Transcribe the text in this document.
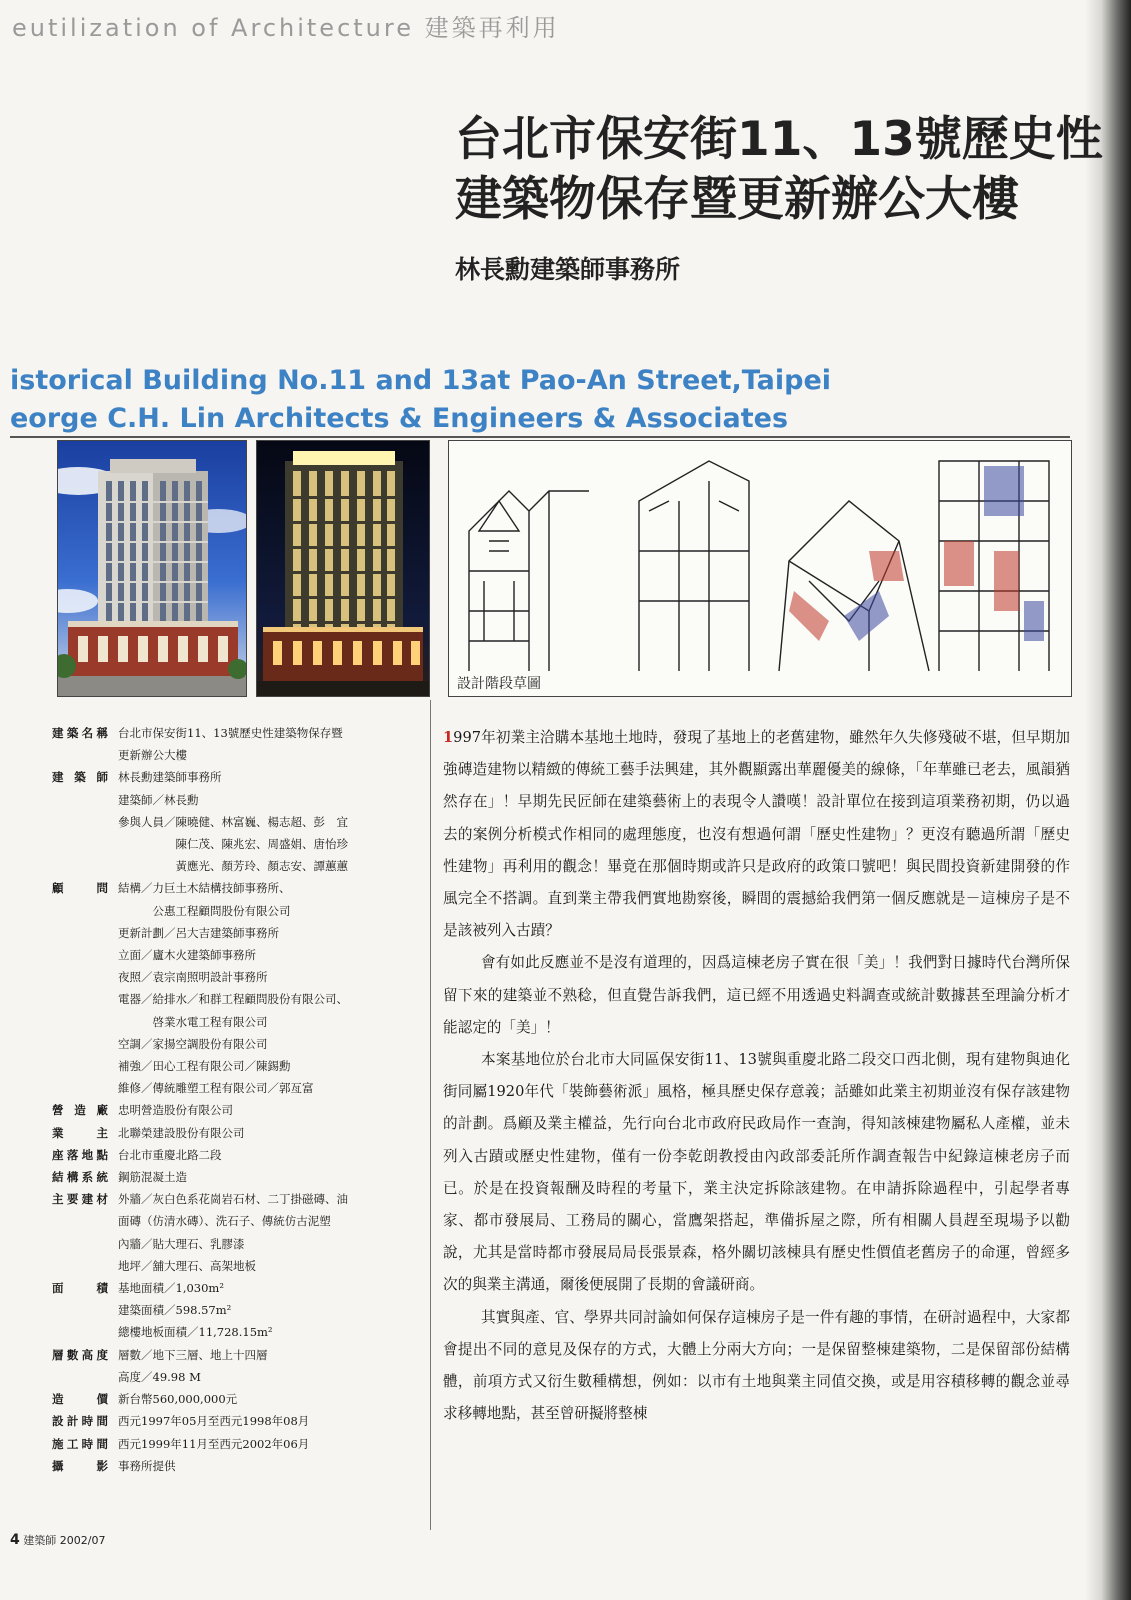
eutilization of Architecture 建築再利用
台北市保安街11、13號歷史性
建築物保存暨更新辦公大樓
林長勳建築師事務所
istorical Building No.11 and 13at Pao-An Street,Taipei
eorge C.H. Lin Architects & Engineers & Associates
設計階段草圖
建築名稱 台北市保安街11、13號歷史性建築物保存暨
更新辦公大樓
建築師 林長勳建築師事務所
建築師／林長勳
參與人員／陳曉健、林富巍、楊志超、彭　宜
　　　　　陳仁茂、陳兆宏、周盛娟、唐怡珍
　　　　　黃應光、顏芳玲、顏志安、譚蕙蕙
顧問 結構／力巨土木結構技師事務所、
　　　公惠工程顧問股份有限公司
更新計劃／呂大吉建築師事務所
立面／廬木火建築師事務所
夜照／袁宗南照明設計事務所
電器／給排水／和群工程顧問股份有限公司、
　　　啓業水電工程有限公司
空調／家揚空調股份有限公司
補強／田心工程有限公司／陳錫勳
維修／傳統雕塑工程有限公司／郭亙富
營造廠 忠明營造股份有限公司
業主 北聯榮建設股份有限公司
座落地點 台北市重慶北路二段
結構系統 鋼筋混凝土造
主要建材 外牆／灰白色系花崗岩石材、二丁掛磁磚、油
面磚（仿清水磚）、洗石子、傳統仿古泥塑
內牆／貼大理石、乳膠漆
地坪／舖大理石、高架地板
面積 基地面積／1,030m²
建築面積／598.57m²
總樓地板面積／11,728.15m²
層數高度 層數／地下三層、地上十四層
高度／49.98 M
造價 新台幣560,000,000元
設計時間 西元1997年05月至西元1998年08月
施工時間 西元1999年11月至西元2002年06月
攝影 事務所提供

1997年初業主洽購本基地土地時，發現了基地上的老舊建物，雖然年久失修殘破不堪，但早期加強磚造建物以精緻的傳統工藝手法興建，其外觀顯露出華麗優美的線條，「年華雖已老去，風韻猶然存在」！早期先民匠師在建築藝術上的表現令人讚嘆！設計單位在接到這項業務初期，仍以過去的案例分析模式作相同的處理態度，也沒有想過何謂「歷史性建物」？更沒有聽過所謂「歷史性建物」再利用的觀念！畢竟在那個時期或許只是政府的政策口號吧！與民間投資新建開發的作風完全不搭調。直到業主帶我們實地勘察後，瞬間的震撼給我們第一個反應就是－這棟房子是不是該被列入古蹟？

會有如此反應並不是沒有道理的，因爲這棟老房子實在很「美」！我們對日據時代台灣所保留下來的建築並不熟稔，但直覺告訴我們，這已經不用透過史料調查或統計數據甚至理論分析才能認定的「美」！

本案基地位於台北市大同區保安街11、13號與重慶北路二段交口西北側，現有建物與迪化街同屬1920年代「裝飾藝術派」風格，極具歷史保存意義；話雖如此業主初期並沒有保存該建物的計劃。爲顧及業主權益，先行向台北市政府民政局作一查詢，得知該棟建物屬私人產權，並未列入古蹟或歷史性建物，僅有一份李乾朗教授由內政部委託所作調查報告中紀錄這棟老房子而已。於是在投資報酬及時程的考量下，業主決定拆除該建物。在申請拆除過程中，引起學者專家、都市發展局、工務局的關心，當鷹架搭起，準備拆屋之際，所有相關人員趕至現場予以勸說，尤其是當時都市發展局局長張景森，格外關切該棟具有歷史性價值老舊房子的命運，曾經多次的與業主溝通，爾後便展開了長期的會議研商。

其實與產、官、學界共同討論如何保存這棟房子是一件有趣的事情，在研討過程中，大家都會提出不同的意見及保存的方式，大體上分兩大方向；一是保留整棟建築物，二是保留部份結構體，前項方式又衍生數種構想，例如：以市有土地與業主同值交換，或是用容積移轉的觀念並尋求移轉地點，甚至曾研擬將整棟

4 建築師 2002/07
